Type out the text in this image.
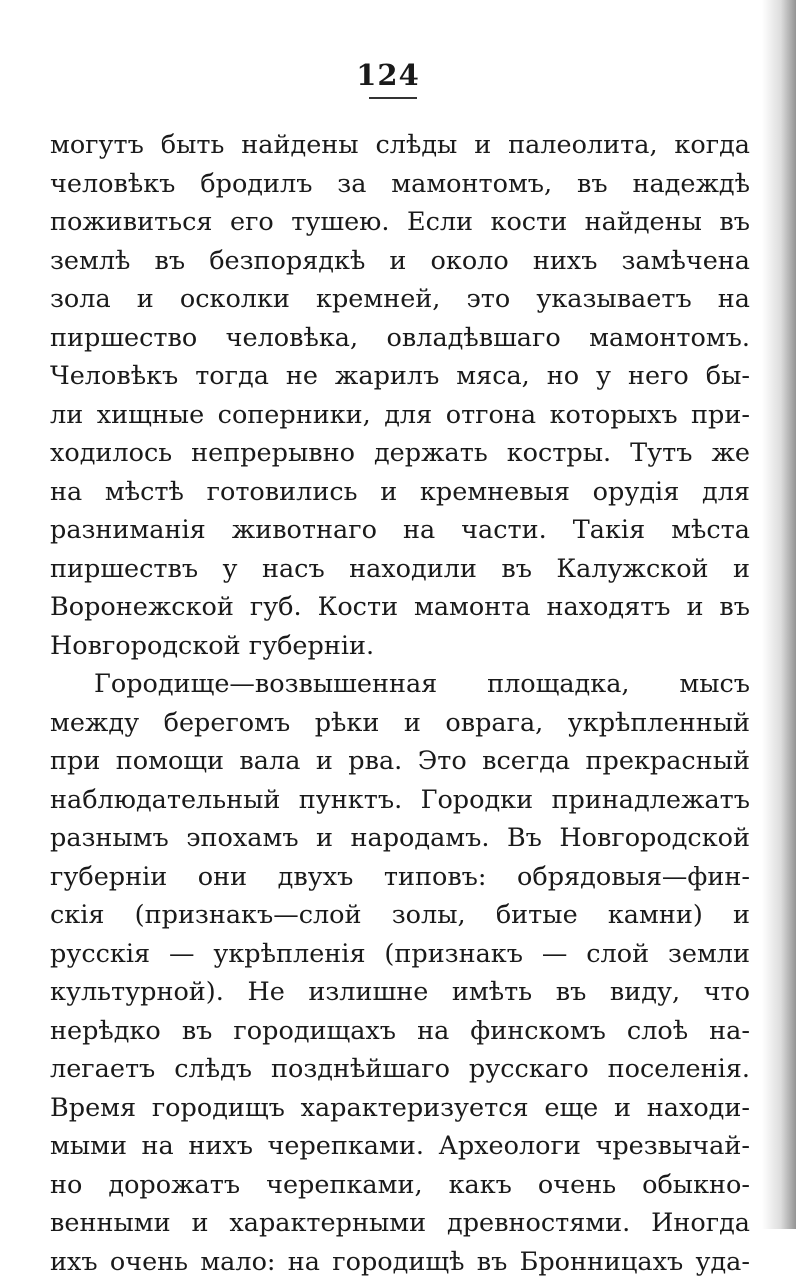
124
могутъ быть найдены слѣды и палеолита, когда
человѣкъ бродилъ за мамонтомъ, въ надеждѣ
поживиться его тушею. Если кости найдены въ
землѣ въ безпорядкѣ и около нихъ замѣчена
зола и осколки кремней, это указываетъ на
пиршество человѣка, овладѣвшаго мамонтомъ.
Человѣкъ тогда не жарилъ мяса, но у него бы-
ли хищные соперники, для отгона которыхъ при-
ходилось непрерывно держать костры. Тутъ же
на мѣстѣ готовились и кремневыя орудія для
разниманія животнаго на части. Такія мѣста
пиршествъ у насъ находили въ Калужской и
Воронежской губ. Кости мамонта находятъ и въ
Новгородской губерніи.
Городище—возвышенная площадка, мысъ
между берегомъ рѣки и оврага, укрѣпленный
при помощи вала и рва. Это всегда прекрасный
наблюдательный пунктъ. Городки принадлежатъ
разнымъ эпохамъ и народамъ. Въ Новгородской
губерніи они двухъ типовъ: обрядовыя—фин-
скія (признакъ—слой золы, битые камни) и
русскія — укрѣпленія (признакъ — слой земли
культурной). Не излишне имѣть въ виду, что
нерѣдко въ городищахъ на финскомъ слоѣ на-
легаетъ слѣдъ позднѣйшаго русскаго поселенія.
Время городищъ характеризуется еще и находи-
мыми на нихъ черепками. Археологи чрезвычай-
но дорожатъ черепками, какъ очень обыкно-
венными и характерными древностями. Иногда
ихъ очень мало: на городищѣ въ Бронницахъ уда-
